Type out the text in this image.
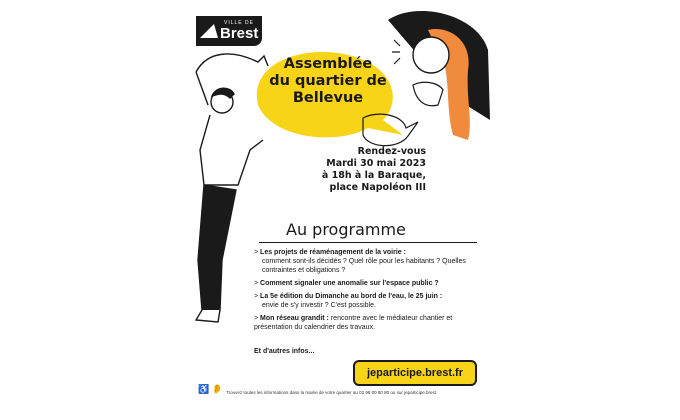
VILLE DE
Brest
Assemblée
du quartier de
Bellevue
Rendez-vous
Mardi 30 mai 2023
à 18h à la Baraque,
place Napoléon III
Au programme
> Les projets de réaménagement de la voirie :
comment sont-ils décidés ? Quel rôle pour les habitants ? Quelles contraintes et obligations ?
> Comment signaler une anomalie sur l'espace public ?
> La 5e édition du Dimanche au bord de l'eau, le 25 juin :
envie de s'y investir ? C'est possible.
> Mon réseau grandit : rencontre avec le médiateur chantier et présentation du calendrier des travaux.
Et d'autres infos...
jeparticipe.brest.fr
♿ 👂 Trouvez toutes les informations dans la mairie de votre quartier au 02 98 00 80 80 ou sur jeparticipe.brest.
